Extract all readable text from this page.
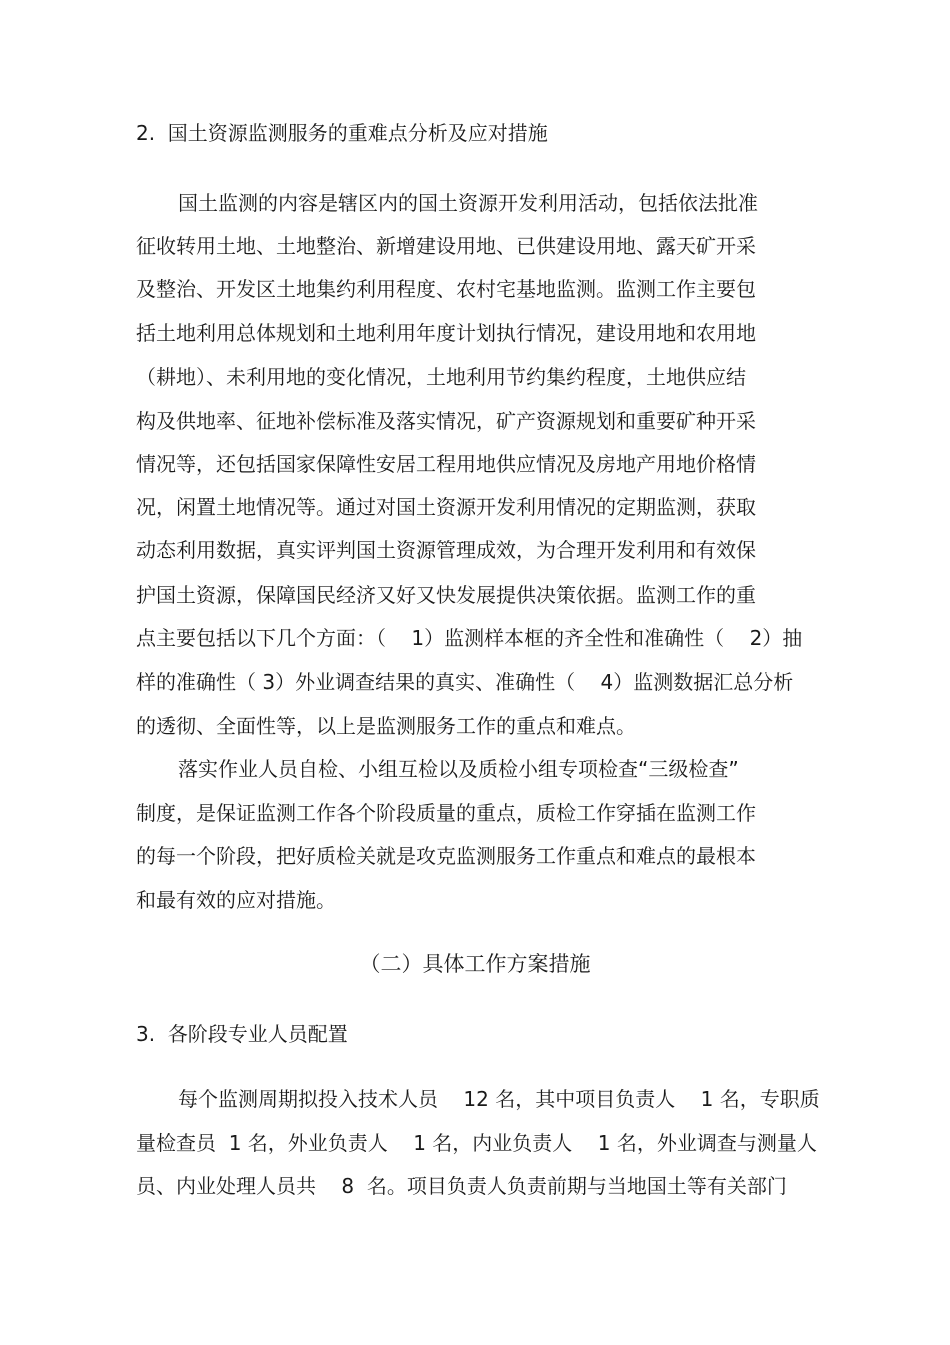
2.  国土资源监测服务的重难点分析及应对措施
国土监测的内容是辖区内的国土资源开发利用活动，包括依法批准
征收转用土地、土地整治、新增建设用地、已供建设用地、露天矿开采
及整治、开发区土地集约利用程度、农村宅基地监测。监测工作主要包
括土地利用总体规划和土地利用年度计划执行情况，建设用地和农用地
（耕地）、未利用地的变化情况，土地利用节约集约程度，土地供应结
构及供地率、征地补偿标准及落实情况，矿产资源规划和重要矿种开采
情况等，还包括国家保障性安居工程用地供应情况及房地产用地价格情
况，闲置土地情况等。通过对国土资源开发利用情况的定期监测，获取
动态利用数据，真实评判国土资源管理成效，为合理开发利用和有效保
护国土资源，保障国民经济又好又快发展提供决策依据。监测工作的重
点主要包括以下几个方面：（    1）监测样本框的齐全性和准确性（    2）抽
样的准确性（ 3）外业调查结果的真实、准确性（    4）监测数据汇总分析
的透彻、全面性等，以上是监测服务工作的重点和难点。
落实作业人员自检、小组互检以及质检小组专项检查“三级检查”
制度，是保证监测工作各个阶段质量的重点，质检工作穿插在监测工作
的每一个阶段，把好质检关就是攻克监测服务工作重点和难点的最根本
和最有效的应对措施。
（二）具体工作方案措施
3.  各阶段专业人员配置
每个监测周期拟投入技术人员    12 名，其中项目负责人    1 名，专职质
量检查员  1 名，外业负责人    1 名，内业负责人    1 名，外业调查与测量人
员、内业处理人员共    8  名。项目负责人负责前期与当地国土等有关部门
